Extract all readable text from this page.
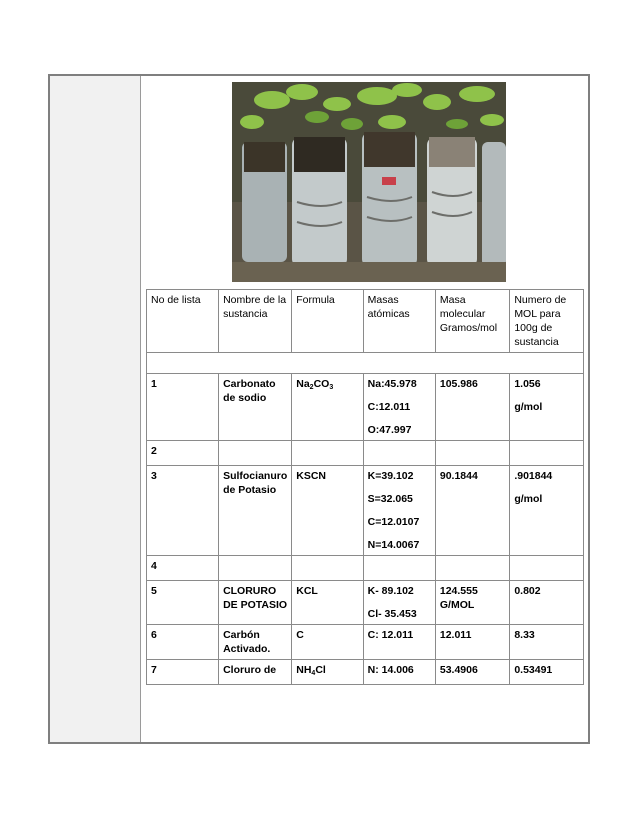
No de lista	Nombre de la sustancia	Formula	Masas atómicas	Masa molecular Gramos/mol	Numero de MOL para 100g de sustancia

1	Carbonato de sodio	$Na_2CO_3$	Na:45.978
C:12.011
O:47.997	105.986	1.056
g/mol

2					
3	Sulfocianuro de Potasio	KSCN	K=39.102
S=32.065
C=12.0107
N=14.0067	90.1844	.901844
g/mol

4					
5	CLORURO DE POTASIO	KCL	K- 89.102
Cl- 35.453	124.555 G/MOL	0.802

6	Carbón Activado.	C	C: 12.011	12.011	8.33

7	Cloruro de	$NH_4Cl$	N: 14.006	53.4906	0.53491
